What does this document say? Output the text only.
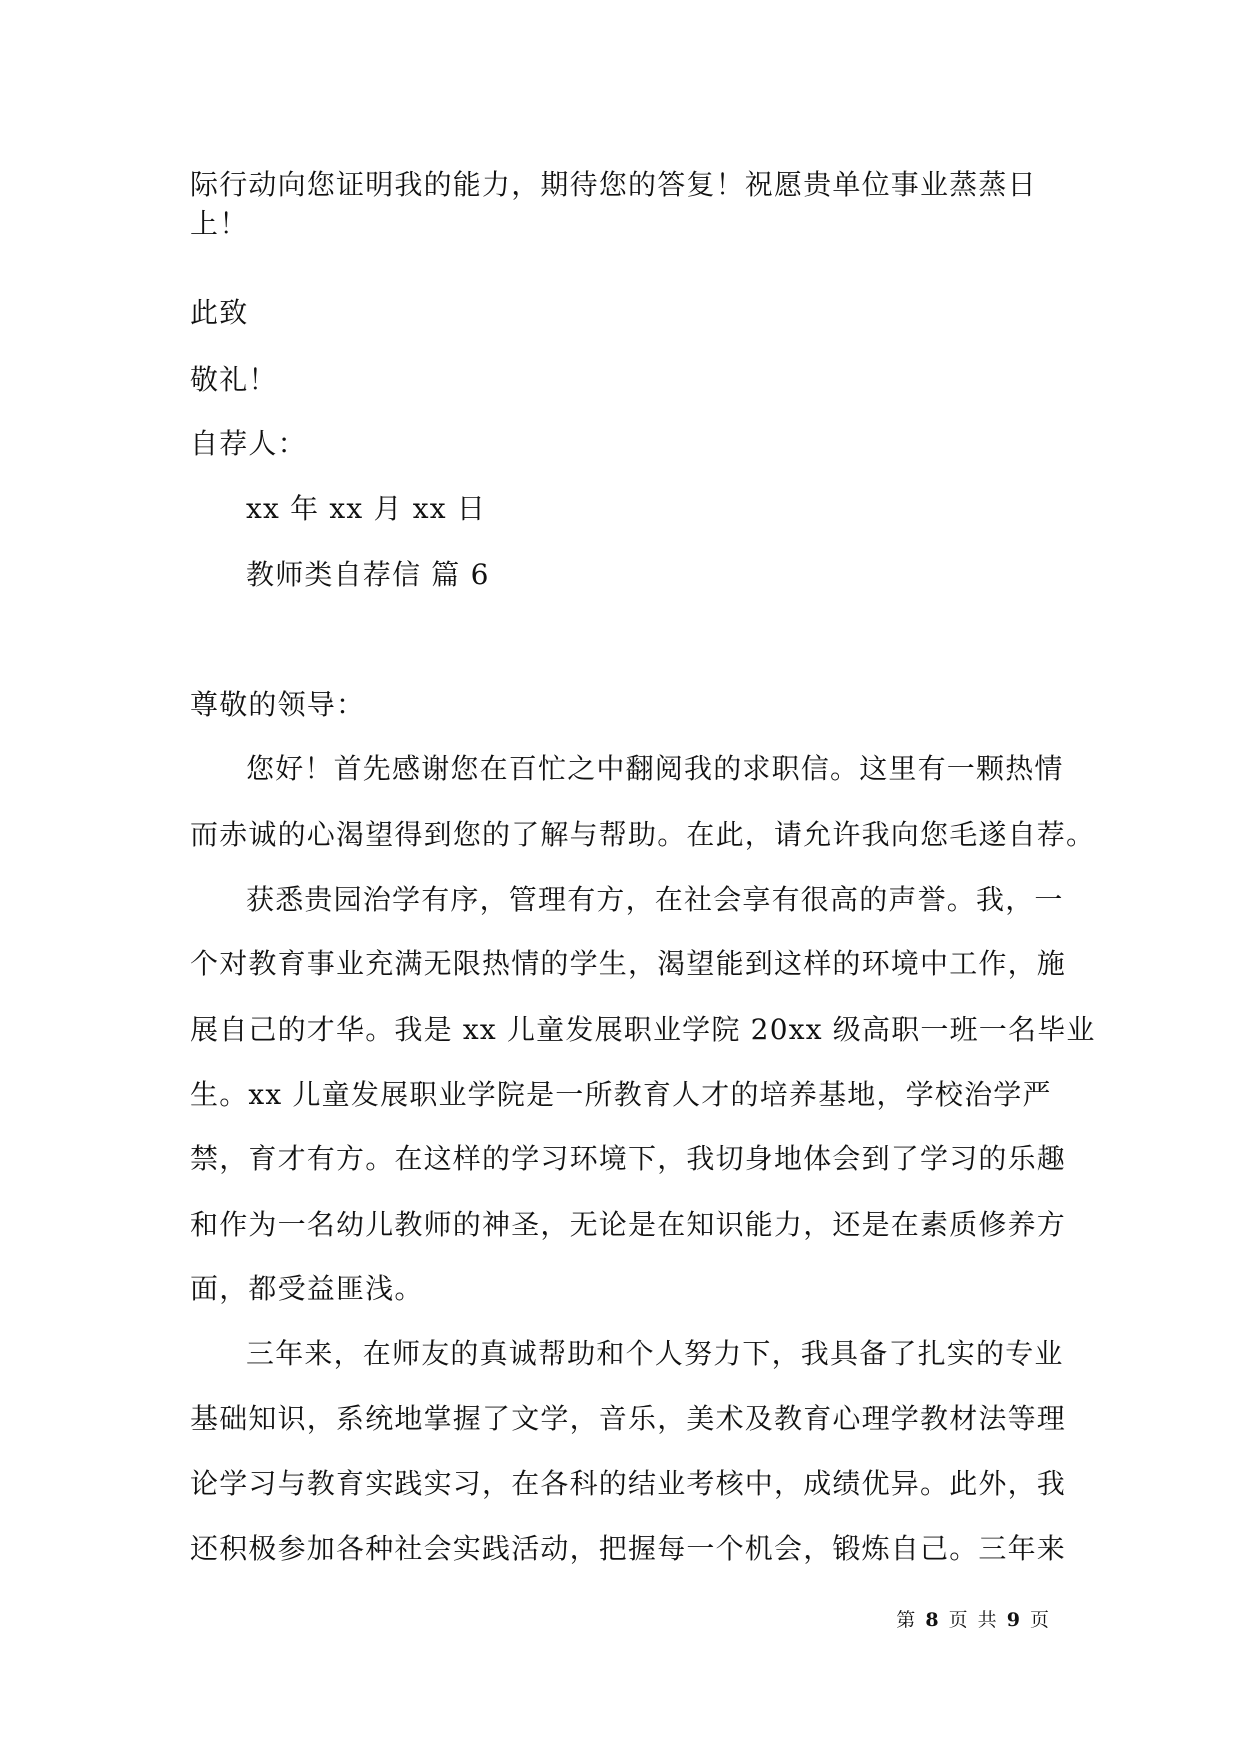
际行动向您证明我的能力，期待您的答复！祝愿贵单位事业蒸蒸日
上！
此致
敬礼！
自荐人：
xx 年 xx 月 xx 日
教师类自荐信 篇 6
尊敬的领导：
您好！首先感谢您在百忙之中翻阅我的求职信。这里有一颗热情
而赤诚的心渴望得到您的了解与帮助。在此，请允许我向您毛遂自荐。
获悉贵园治学有序，管理有方，在社会享有很高的声誉。我，一
个对教育事业充满无限热情的学生，渴望能到这样的环境中工作，施
展自己的才华。我是 xx 儿童发展职业学院 20xx 级高职一班一名毕业
生。xx 儿童发展职业学院是一所教育人才的培养基地，学校治学严
禁，育才有方。在这样的学习环境下，我切身地体会到了学习的乐趣
和作为一名幼儿教师的神圣，无论是在知识能力，还是在素质修养方
面，都受益匪浅。
三年来，在师友的真诚帮助和个人努力下，我具备了扎实的专业
基础知识，系统地掌握了文学，音乐，美术及教育心理学教材法等理
论学习与教育实践实习，在各科的结业考核中，成绩优异。此外，我
还积极参加各种社会实践活动，把握每一个机会，锻炼自己。三年来
第 8 页 共 9 页
